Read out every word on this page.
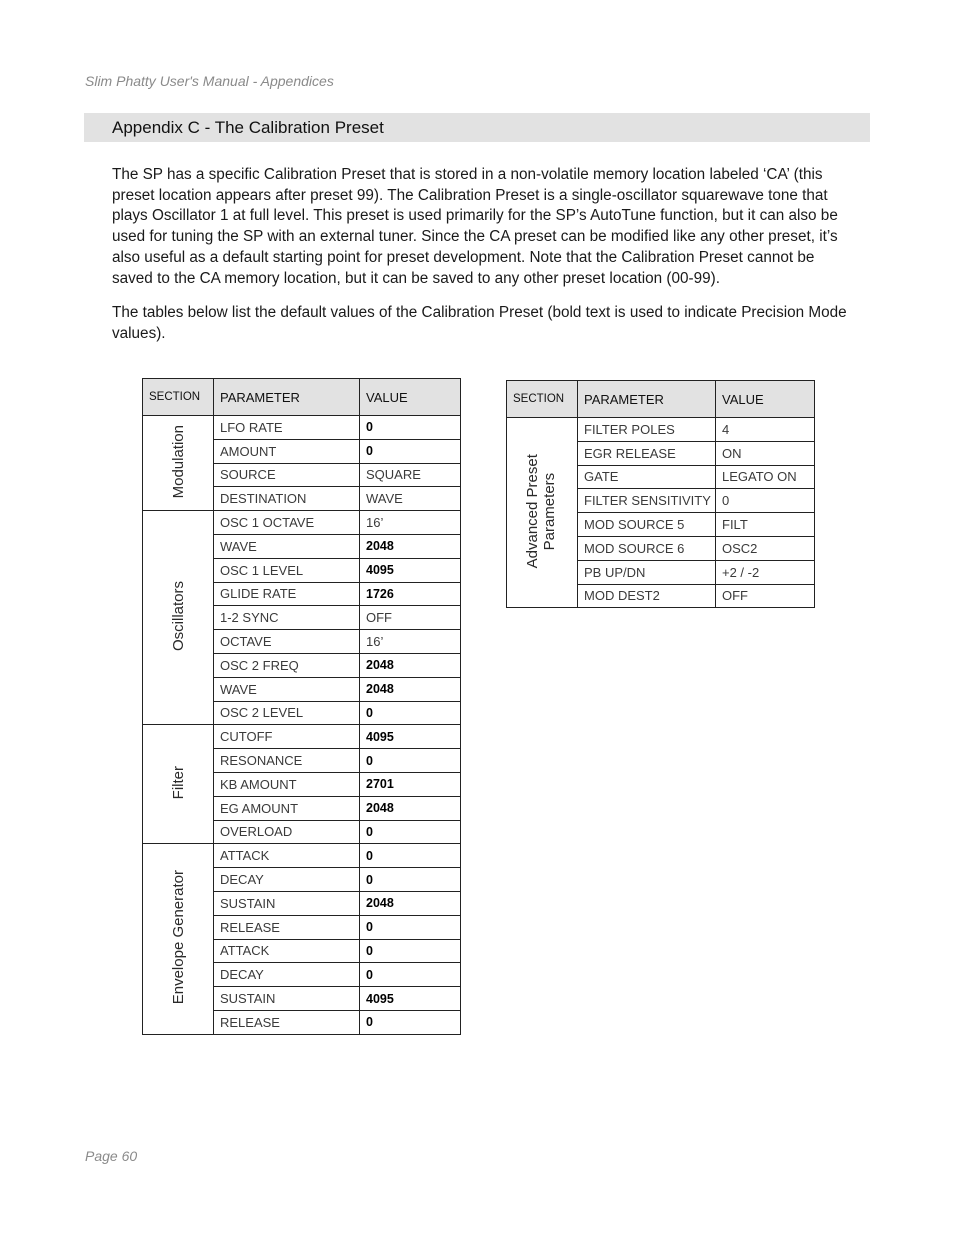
Slim Phatty User's Manual - Appendices
Appendix C - The Calibration Preset

The SP has a specific Calibration Preset that is stored in a non-volatile memory location labeled ‘CA’ (this preset location appears after preset 99). The Calibration Preset is a single-oscillator squarewave tone that plays Oscillator 1 at full level. This preset is used primarily for the SP’s AutoTune function, but it can also be used for tuning the SP with an external tuner. Since the CA preset can be modified like any other preset, it’s also useful as a default starting point for preset development. Note that the Calibration Preset cannot be saved to the CA memory location, but it can be saved to any other preset location (00-99).

The tables below list the default values of the Calibration Preset (bold text is used to indicate Precision Mode values).

SECTION	PARAMETER	VALUE
Modulation	LFO RATE	0
	AMOUNT	0
	SOURCE	SQUARE
	DESTINATION	WAVE
Oscillators	OSC 1 OCTAVE	16’
	WAVE	2048
	OSC 1 LEVEL	4095
	GLIDE RATE	1726
	1-2 SYNC	OFF
	OCTAVE	16’
	OSC 2 FREQ	2048
	WAVE	2048
	OSC 2 LEVEL	0
Filter	CUTOFF	4095
	RESONANCE	0
	KB AMOUNT	2701
	EG AMOUNT	2048
	OVERLOAD	0
Envelope Generator	ATTACK	0
	DECAY	0
	SUSTAIN	2048
	RELEASE	0
	ATTACK	0
	DECAY	0
	SUSTAIN	4095
	RELEASE	0
SECTION	PARAMETER	VALUE
Advanced Preset Parameters	FILTER POLES	4
	EGR RELEASE	ON
	GATE	LEGATO ON
	FILTER SENSITIVITY	0
	MOD SOURCE 5	FILT
	MOD SOURCE 6	OSC2
	PB UP/DN	+2 / -2
	MOD DEST2	OFF
Page 60
